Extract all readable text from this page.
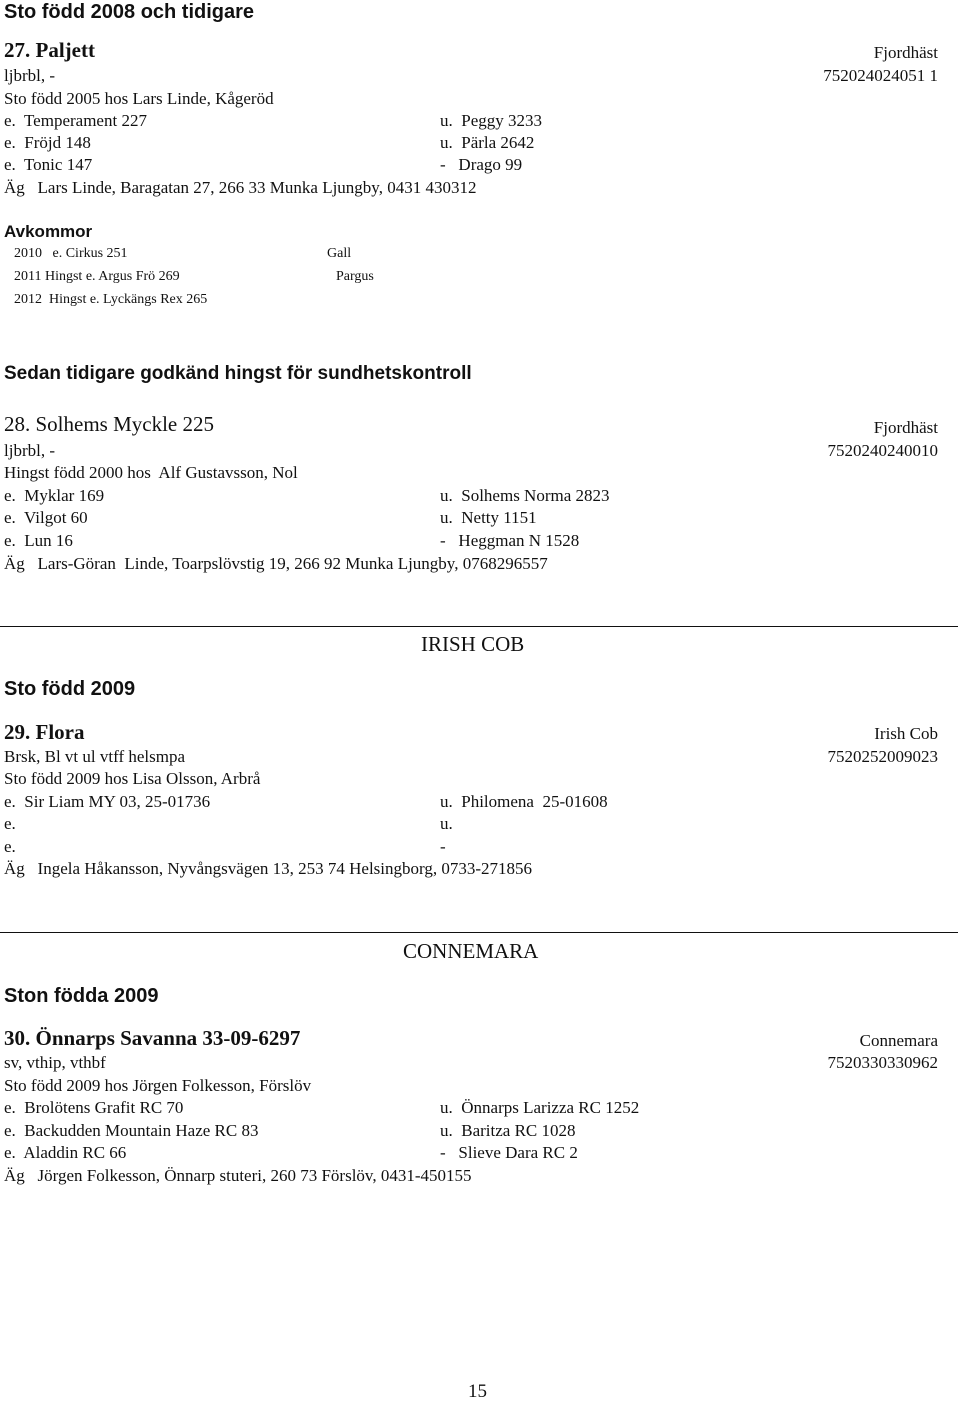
Sto född 2008 och tidigare
27. Paljett	Fjordhäst
ljbrbl, -	752024024051 1
Sto född 2005 hos Lars Linde, Kågeröd
e.  Temperament 227	u.  Peggy 3233
e.  Fröjd 148	u.  Pärla 2642
e.  Tonic 147	-   Drago 99
Äg   Lars Linde, Baragatan 27, 266 33 Munka Ljungby, 0431 430312
Avkommor
2010   e. Cirkus 251	Gall
2011 Hingst e. Argus Frö 269	Pargus
2012  Hingst e. Lyckängs Rex 265
Sedan tidigare godkänd hingst för sundhetskontroll
28. Solhems Myckle 225	Fjordhäst
ljbrbl, -	7520240240010
Hingst född 2000 hos  Alf Gustavsson, Nol
e.  Myklar 169	u.  Solhems Norma 2823
e.  Vilgot 60	u.  Netty 1151
e.  Lun 16	-   Heggman N 1528
Äg   Lars-Göran  Linde, Toarpslövstig 19, 266 92 Munka Ljungby, 0768296557
IRISH COB
Sto född 2009
29. Flora	Irish Cob
Brsk, Bl vt ul vtff helsmpa	7520252009023
Sto född 2009 hos Lisa Olsson, Arbrå
e.  Sir Liam MY 03, 25-01736	u.  Philomena  25-01608
e.	u.
e.	-
Äg   Ingela Håkansson, Nyvångsvägen 13, 253 74 Helsingborg, 0733-271856
CONNEMARA
Ston födda 2009
30. Önnarps Savanna 33-09-6297	Connemara
sv, vthip, vthbf	7520330330962
Sto född 2009 hos Jörgen Folkesson, Förslöv
e.  Brolötens Grafit RC 70	u.  Önnarps Larizza RC 1252
e.  Backudden Mountain Haze RC 83	u.  Baritza RC 1028
e.  Aladdin RC 66	-   Slieve Dara RC 2
Äg   Jörgen Folkesson, Önnarp stuteri, 260 73 Förslöv, 0431-450155
15
